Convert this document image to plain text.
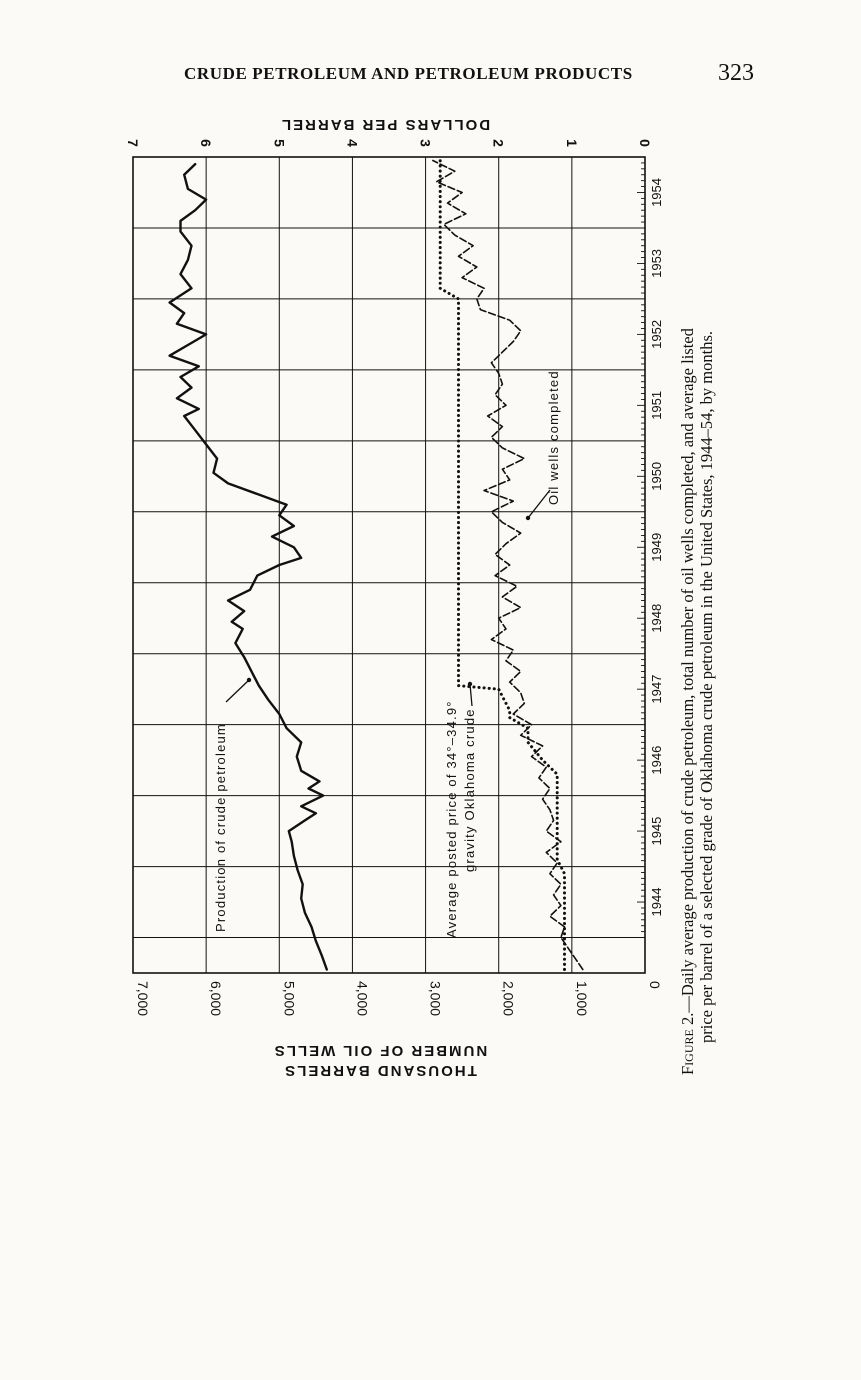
CRUDE PETROLEUM AND PETROLEUM PRODUCTS	323
Figure 2.—Daily average production of crude petroleum, total number of oil wells completed, and average listed price per barrel of a selected grade of Oklahoma crude petroleum in the United States, 1944–54, by months.
THOUSAND BARRELS
NUMBER OF OIL WELLS
DOLLARS PER BARREL
0
1,000
2,000
3,000
4,000
5,000
6,000
7,000
0
1
2
3
4
5
6
7
1944
1945
1946
1947
1948
1949
1950
1951
1952
1953
1954
Production of crude petroleum	Average posted price of 34°–34.9° gravity Oklahoma crude
Oil wells completed
